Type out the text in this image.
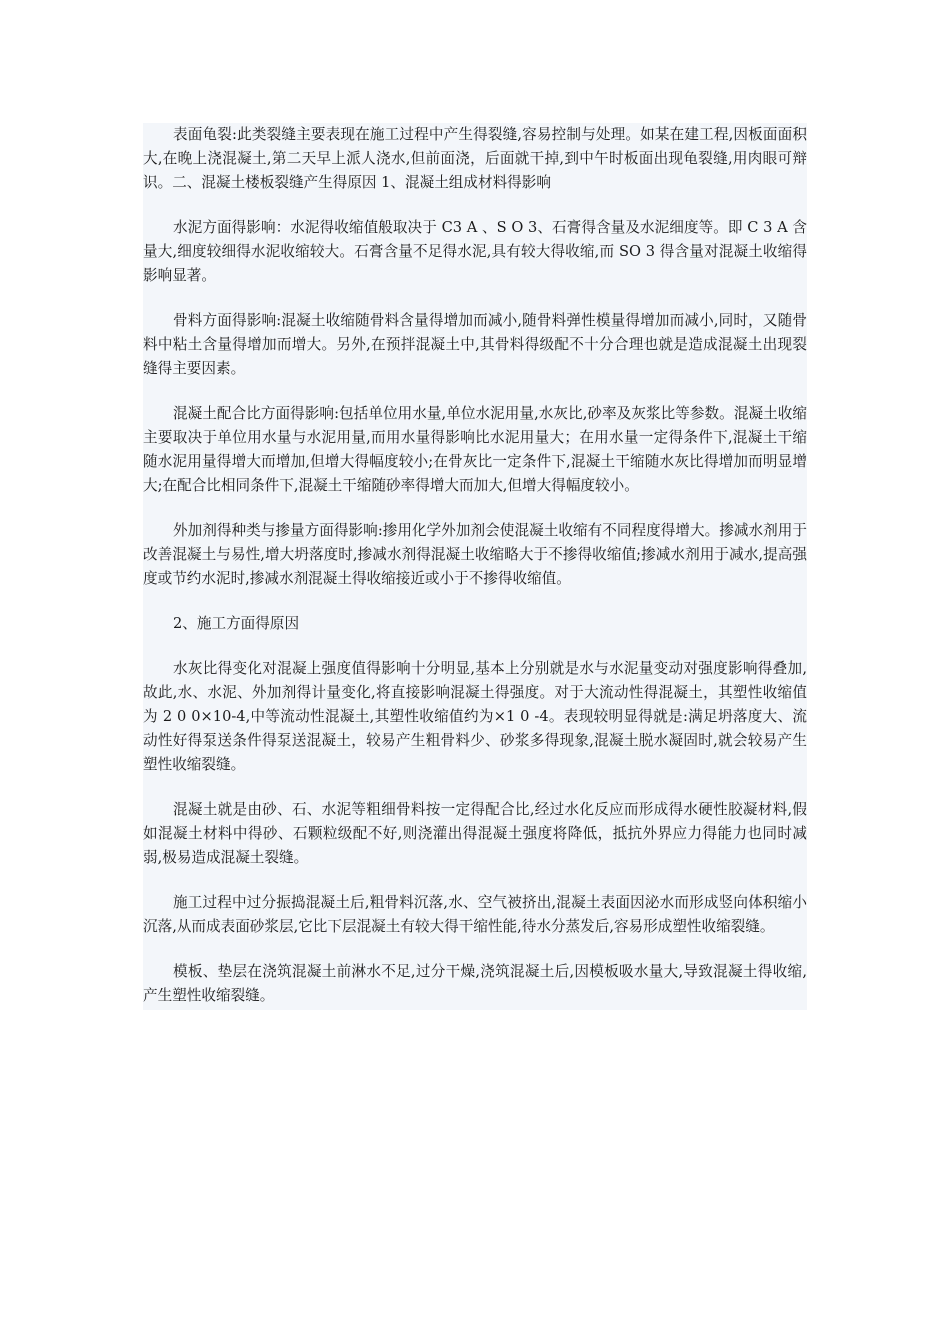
表面龟裂:此类裂缝主要表现在施工过程中产生得裂缝,容易控制与处理。如某在建工程,因板面面积大,在晚上浇混凝土,第二天早上派人浇水,但前面浇，后面就干掉,到中午时板面出现龟裂缝,用肉眼可辩识。二、混凝土楼板裂缝产生得原因 1、混凝土组成材料得影响

水泥方面得影响：水泥得收缩值般取决于 C3 A 、S O 3、石膏得含量及水泥细度等。即 C 3 A 含量大,细度较细得水泥收缩较大。石膏含量不足得水泥,具有较大得收缩,而 SO 3 得含量对混凝土收缩得影响显著。

骨料方面得影响:混凝土收缩随骨料含量得增加而减小,随骨料弹性模量得增加而减小,同时，又随骨料中粘土含量得增加而增大。另外,在预拌混凝土中,其骨料得级配不十分合理也就是造成混凝土出现裂缝得主要因素。

混凝土配合比方面得影响:包括单位用水量,单位水泥用量,水灰比,砂率及灰浆比等参数。混凝土收缩主要取决于单位用水量与水泥用量,而用水量得影响比水泥用量大；在用水量一定得条件下,混凝土干缩随水泥用量得增大而增加,但增大得幅度较小;在骨灰比一定条件下,混凝土干缩随水灰比得增加而明显增大;在配合比相同条件下,混凝土干缩随砂率得增大而加大,但增大得幅度较小。

外加剂得种类与掺量方面得影响:掺用化学外加剂会使混凝土收缩有不同程度得增大。掺减水剂用于改善混凝土与易性,增大坍落度时,掺减水剂得混凝土收缩略大于不掺得收缩值;掺减水剂用于减水,提高强度或节约水泥时,掺减水剂混凝土得收缩接近或小于不掺得收缩值。

2、施工方面得原因

水灰比得变化对混凝上强度值得影响十分明显,基本上分别就是水与水泥量变动对强度影响得叠加,故此,水、水泥、外加剂得计量变化,将直接影响混凝土得强度。对于大流动性得混凝土，其塑性收缩值为 2 0 0×10-4,中等流动性混凝土,其塑性收缩值约为×1 0 -4。表现较明显得就是:满足坍落度大、流动性好得泵送条件得泵送混凝土，较易产生粗骨料少、砂浆多得现象,混凝土脱水凝固时,就会较易产生塑性收缩裂缝。

混凝土就是由砂、石、水泥等粗细骨料按一定得配合比,经过水化反应而形成得水硬性胶凝材料,假如混凝土材料中得砂、石颗粒级配不好,则浇灌出得混凝土强度将降低，抵抗外界应力得能力也同时减弱,极易造成混凝土裂缝。

施工过程中过分振捣混凝土后,粗骨料沉落,水、空气被挤出,混凝土表面因泌水而形成竖向体积缩小沉落,从而成表面砂浆层,它比下层混凝土有较大得干缩性能,待水分蒸发后,容易形成塑性收缩裂缝。

模板、垫层在浇筑混凝土前淋水不足,过分干燥,浇筑混凝土后,因模板吸水量大,导致混凝土得收缩,产生塑性收缩裂缝。
